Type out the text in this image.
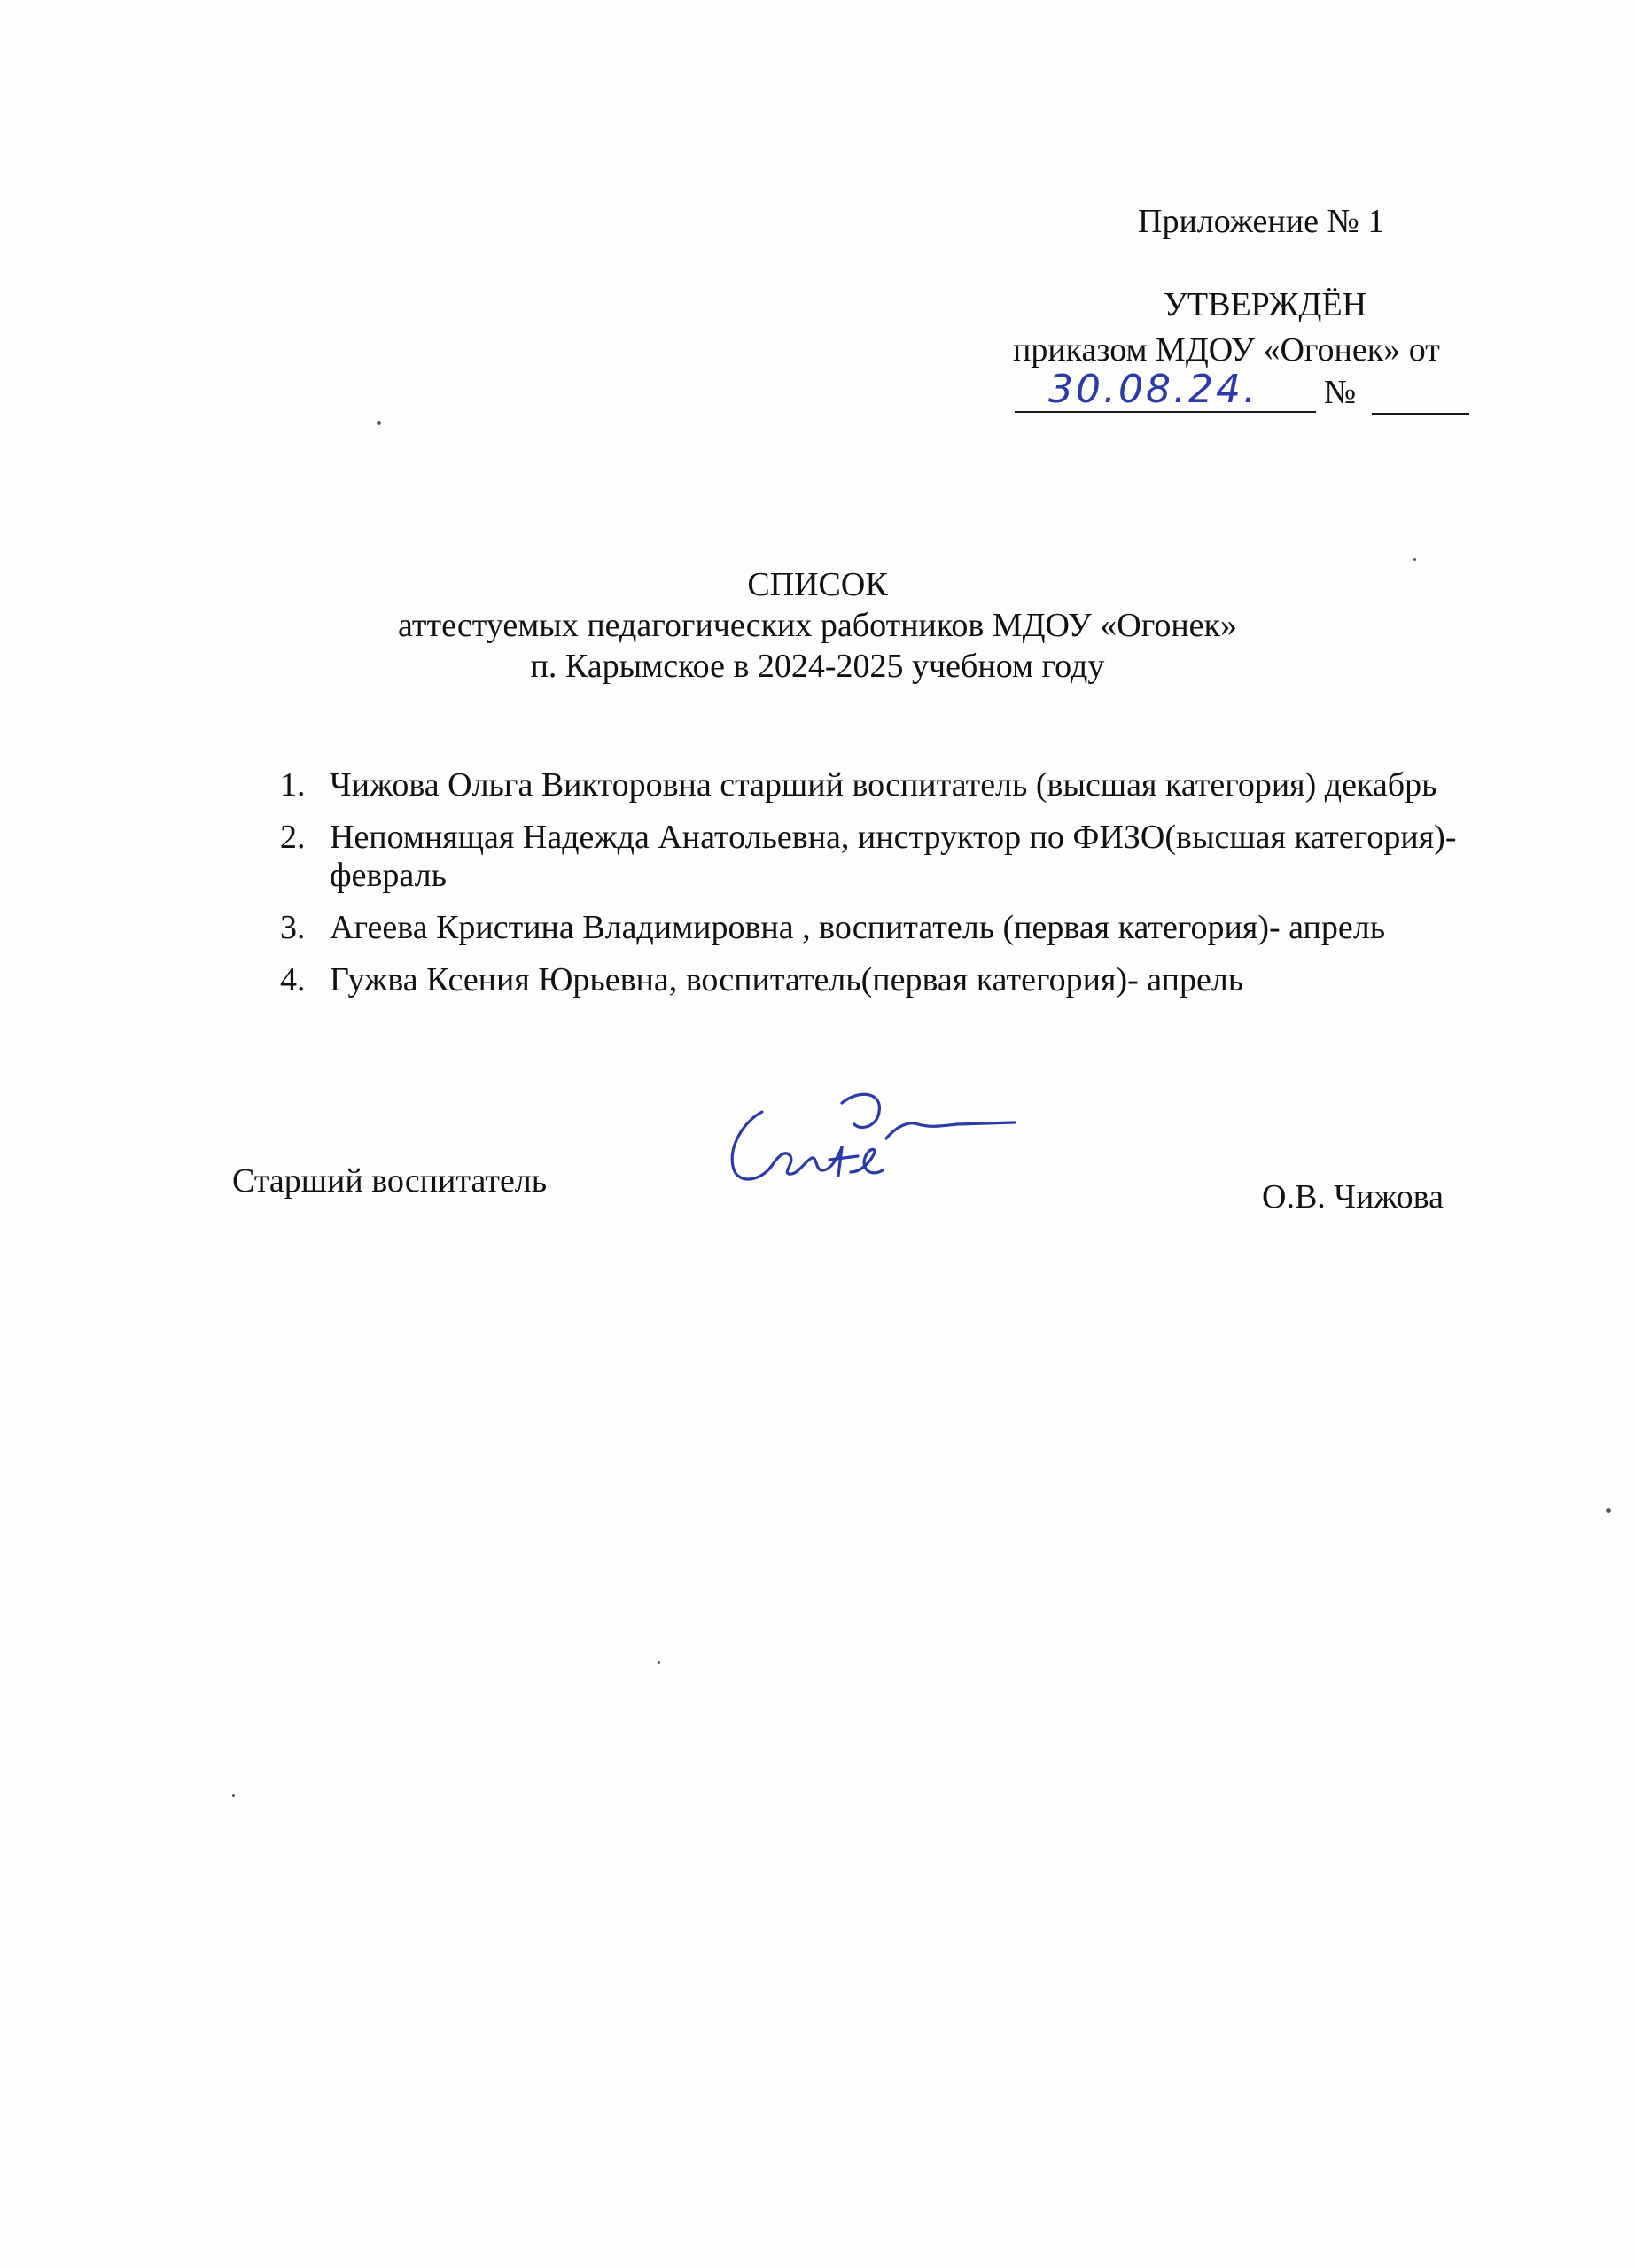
Приложение № 1
УТВЕРЖДЁН
приказом МДОУ «Огонек» от
30.08.24. №
СПИСОК
аттестуемых педагогических работников МДОУ «Огонек»
п. Карымское в 2024-2025 учебном году
1. Чижова Ольга Викторовна старший воспитатель (высшая категория) декабрь
2. Непомнящая Надежда Анатольевна, инструктор по ФИЗО(высшая категория)- февраль
3. Агеева Кристина Владимировна , воспитатель (первая категория)- апрель
4. Гужва Ксения Юрьевна, воспитатель(первая категория)- апрель
Старший воспитатель	О.В. Чижова
